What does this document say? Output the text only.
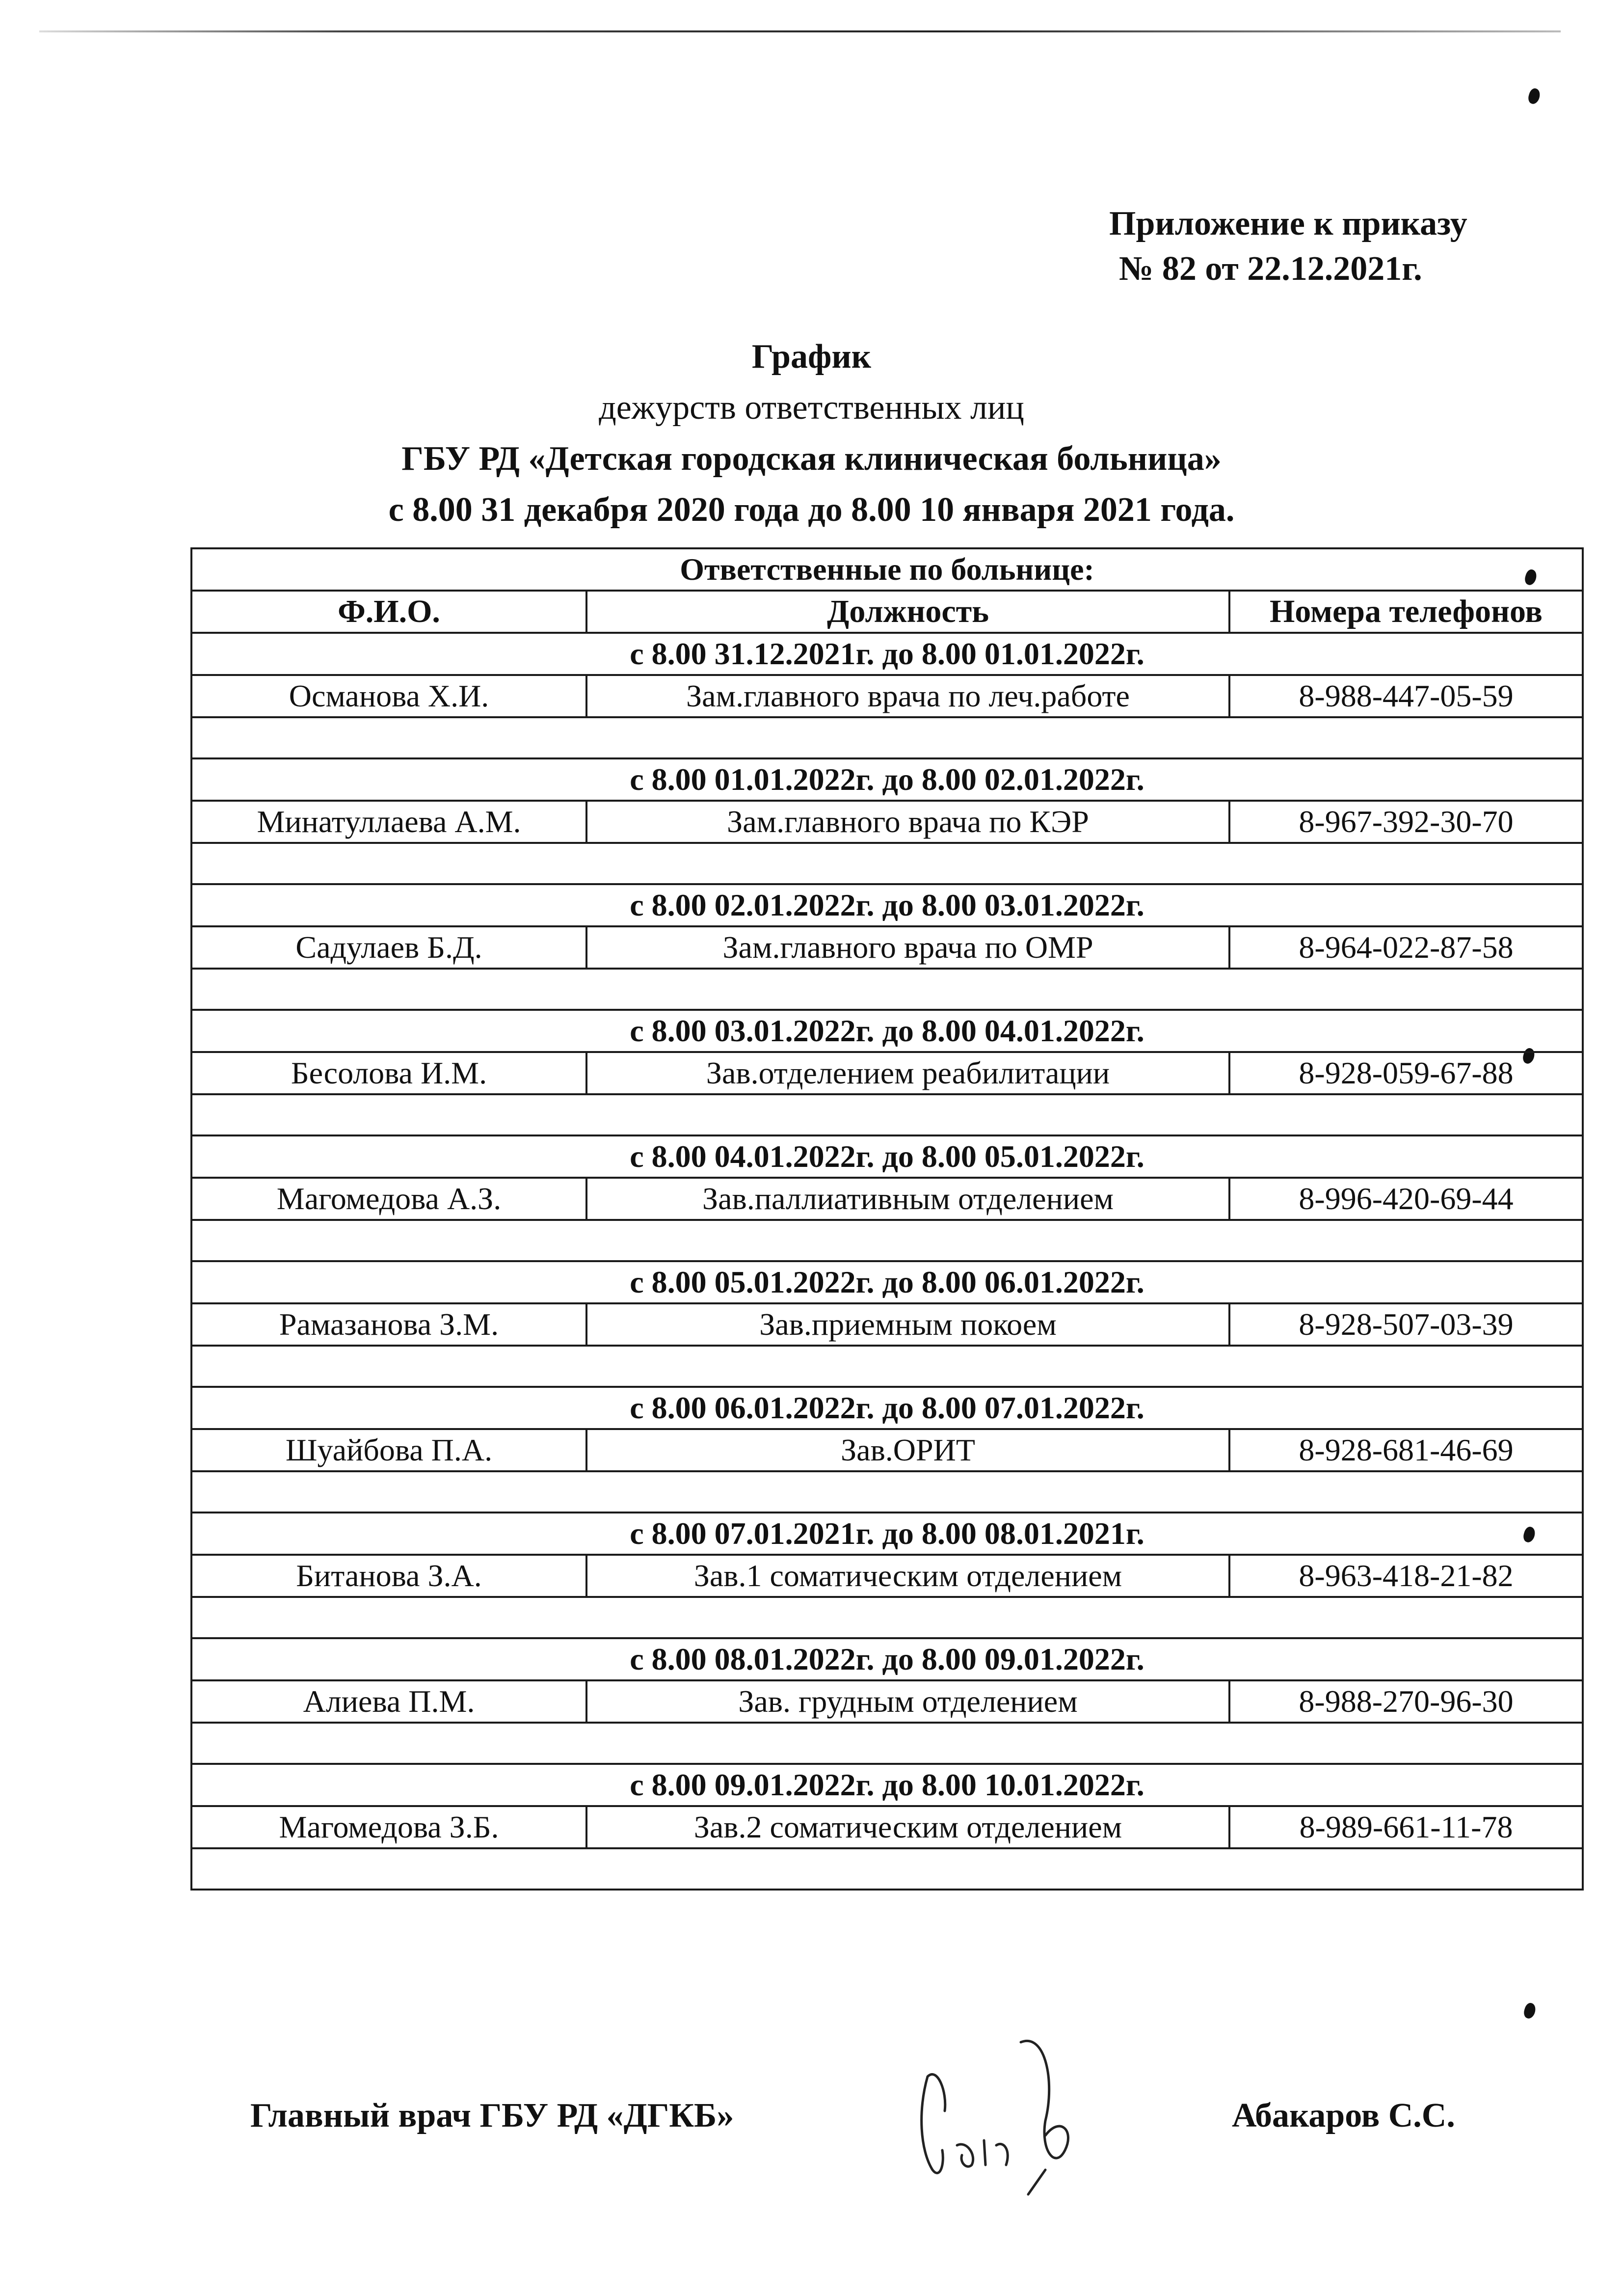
Приложение к приказу
№ 82 от 22.12.2021г.
График
дежурств ответственных лиц
ГБУ РД «Детская городская клиническая больница»
с 8.00 31 декабря 2020 года до 8.00 10 января 2021 года.
Ответственные по больнице:		
Ф.И.О.	Должность	Номера телефонов
с 8.00 31.12.2021г. до 8.00 01.01.2022г.		
Османова Х.И.	Зам.главного врача по леч.работе	8-988-447-05-59

с 8.00 01.01.2022г. до 8.00 02.01.2022г.		
Минатуллаева А.М.	Зам.главного врача по КЭР	8-967-392-30-70

с 8.00 02.01.2022г. до 8.00 03.01.2022г.		
Садулаев Б.Д.	Зам.главного врача по ОМР	8-964-022-87-58

с 8.00 03.01.2022г. до 8.00 04.01.2022г.		
Бесолова И.М.	Зав.отделением реабилитации	8-928-059-67-88

с 8.00 04.01.2022г. до 8.00 05.01.2022г.		
Магомедова А.З.	Зав.паллиативным отделением	8-996-420-69-44

с 8.00 05.01.2022г. до 8.00 06.01.2022г.		
Рамазанова З.М.	Зав.приемным покоем	8-928-507-03-39

с 8.00 06.01.2022г. до 8.00 07.01.2022г.		
Шуайбова П.А.	Зав.ОРИТ	8-928-681-46-69

с 8.00 07.01.2021г. до 8.00 08.01.2021г.		
Битанова З.А.	Зав.1 соматическим отделением	8-963-418-21-82

с 8.00 08.01.2022г. до 8.00 09.01.2022г.		
Алиева П.М.	Зав. грудным отделением	8-988-270-96-30

с 8.00 09.01.2022г. до 8.00 10.01.2022г.		
Магомедова З.Б.	Зав.2 соматическим отделением	8-989-661-11-78

Главный врач ГБУ РД «ДГКБ»	Абакаров С.С.
